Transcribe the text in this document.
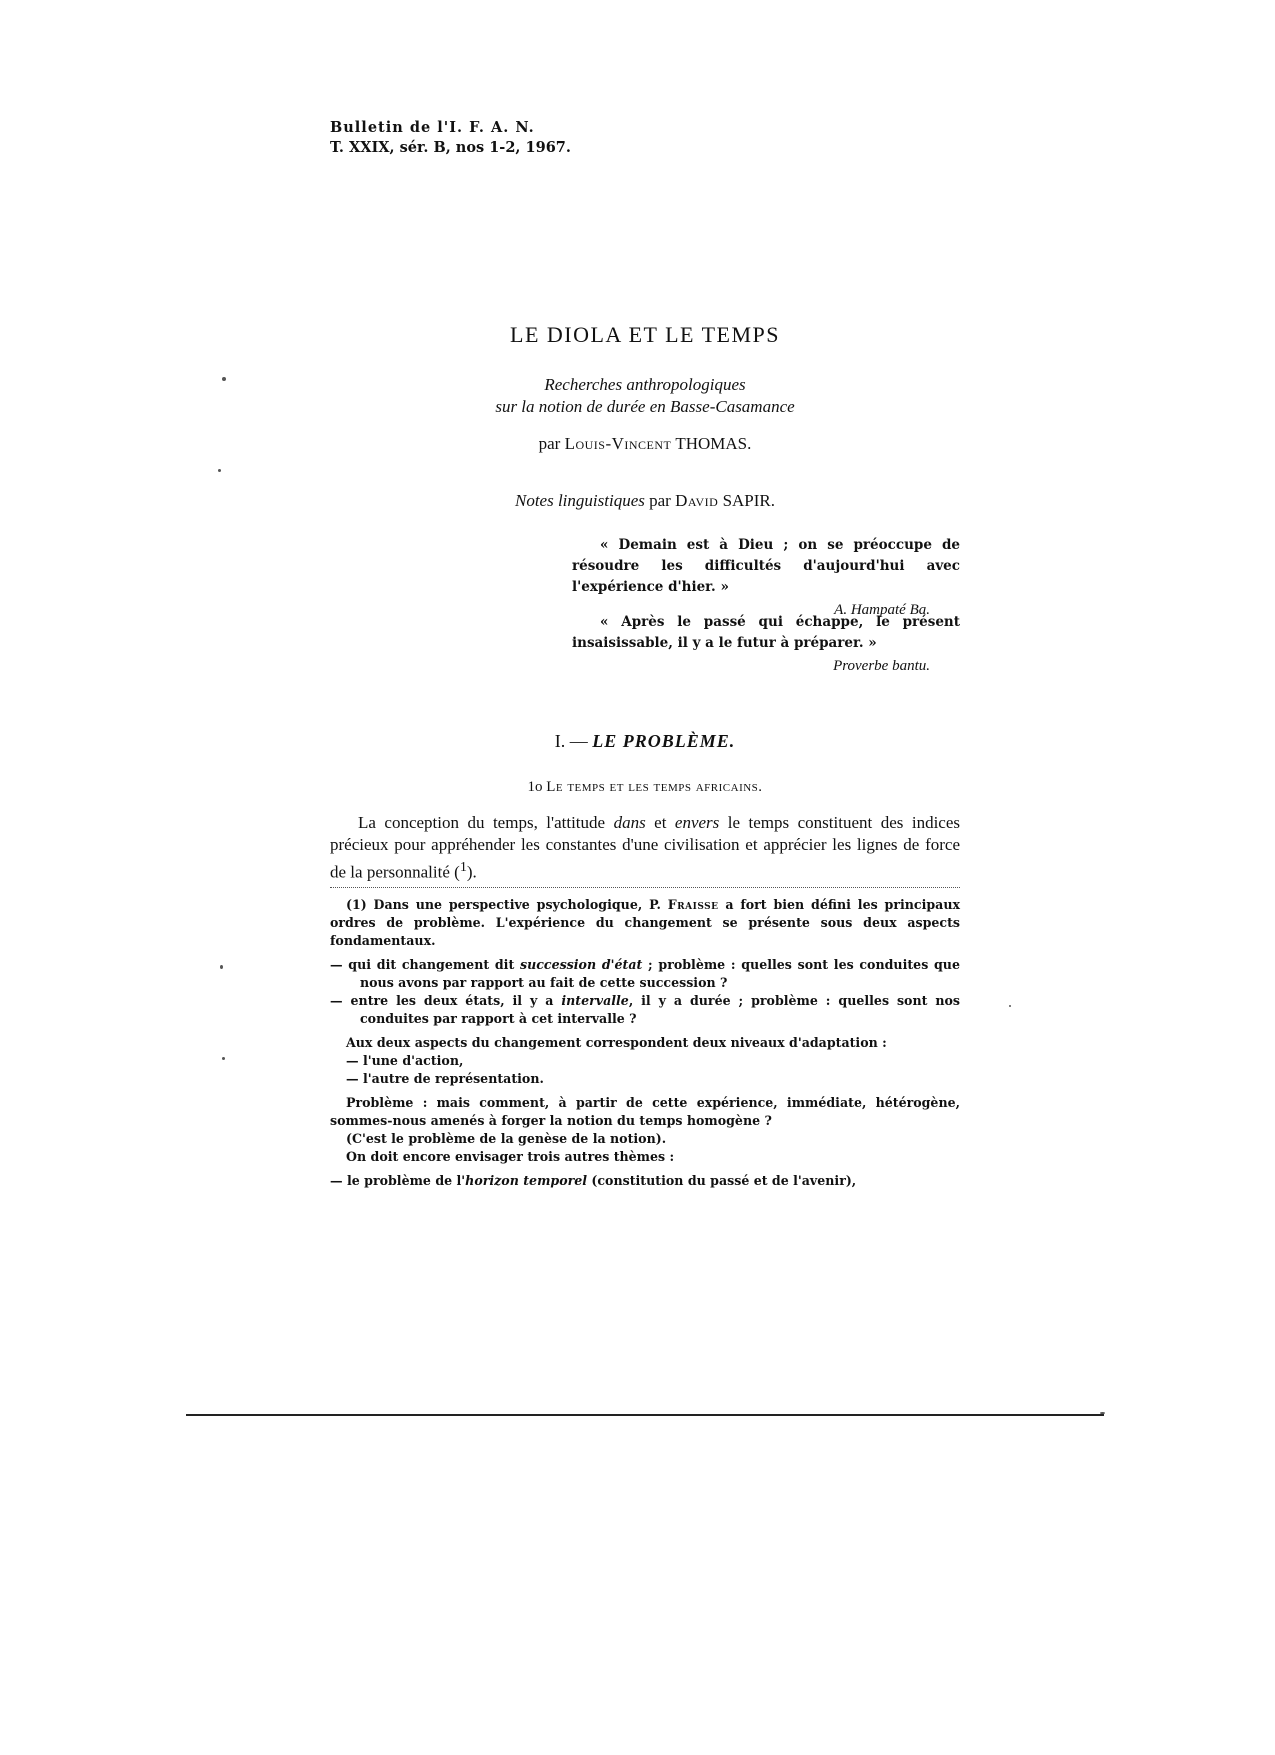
Bulletin de l'I. F. A. N.
T. XXIX, sér. B, nos 1-2, 1967.
LE DIOLA ET LE TEMPS
Recherches anthropologiques
sur la notion de durée en Basse-Casamance
par Louis-Vincent THOMAS.
Notes linguistiques par David SAPIR.
« Demain est à Dieu ; on se préoccupe de résoudre les difficultés d'aujourd'hui avec l'expérience d'hier. »
A. Hampaté Ba.
« Après le passé qui échappe, le présent insaisissable, il y a le futur à préparer. »
Proverbe bantu.
I. — LE PROBLÈME.
1o Le temps et les temps africains.

La conception du temps, l'attitude dans et envers le temps constituent des indices précieux pour appréhender les constantes d'une civilisation et apprécier les lignes de force de la personnalité ($^1$).

(1) Dans une perspective psychologique, P. Fraisse a fort bien défini les principaux ordres de problème. L'expérience du changement se présente sous deux aspects fondamentaux.

— qui dit changement dit succession d'état ; problème : quelles sont les conduites que nous avons par rapport au fait de cette succession ?

— entre les deux états, il y a intervalle, il y a durée ; problème : quelles sont nos conduites par rapport à cet intervalle ?

Aux deux aspects du changement correspondent deux niveaux d'adaptation :

— l'une d'action,

— l'autre de représentation.

Problème : mais comment, à partir de cette expérience, immédiate, hétérogène, sommes-nous amenés à forger la notion du temps homogène ?

(C'est le problème de la genèse de la notion).

On doit encore envisager trois autres thèmes :

— le problème de l'horizon temporel (constitution du passé et de l'avenir),
